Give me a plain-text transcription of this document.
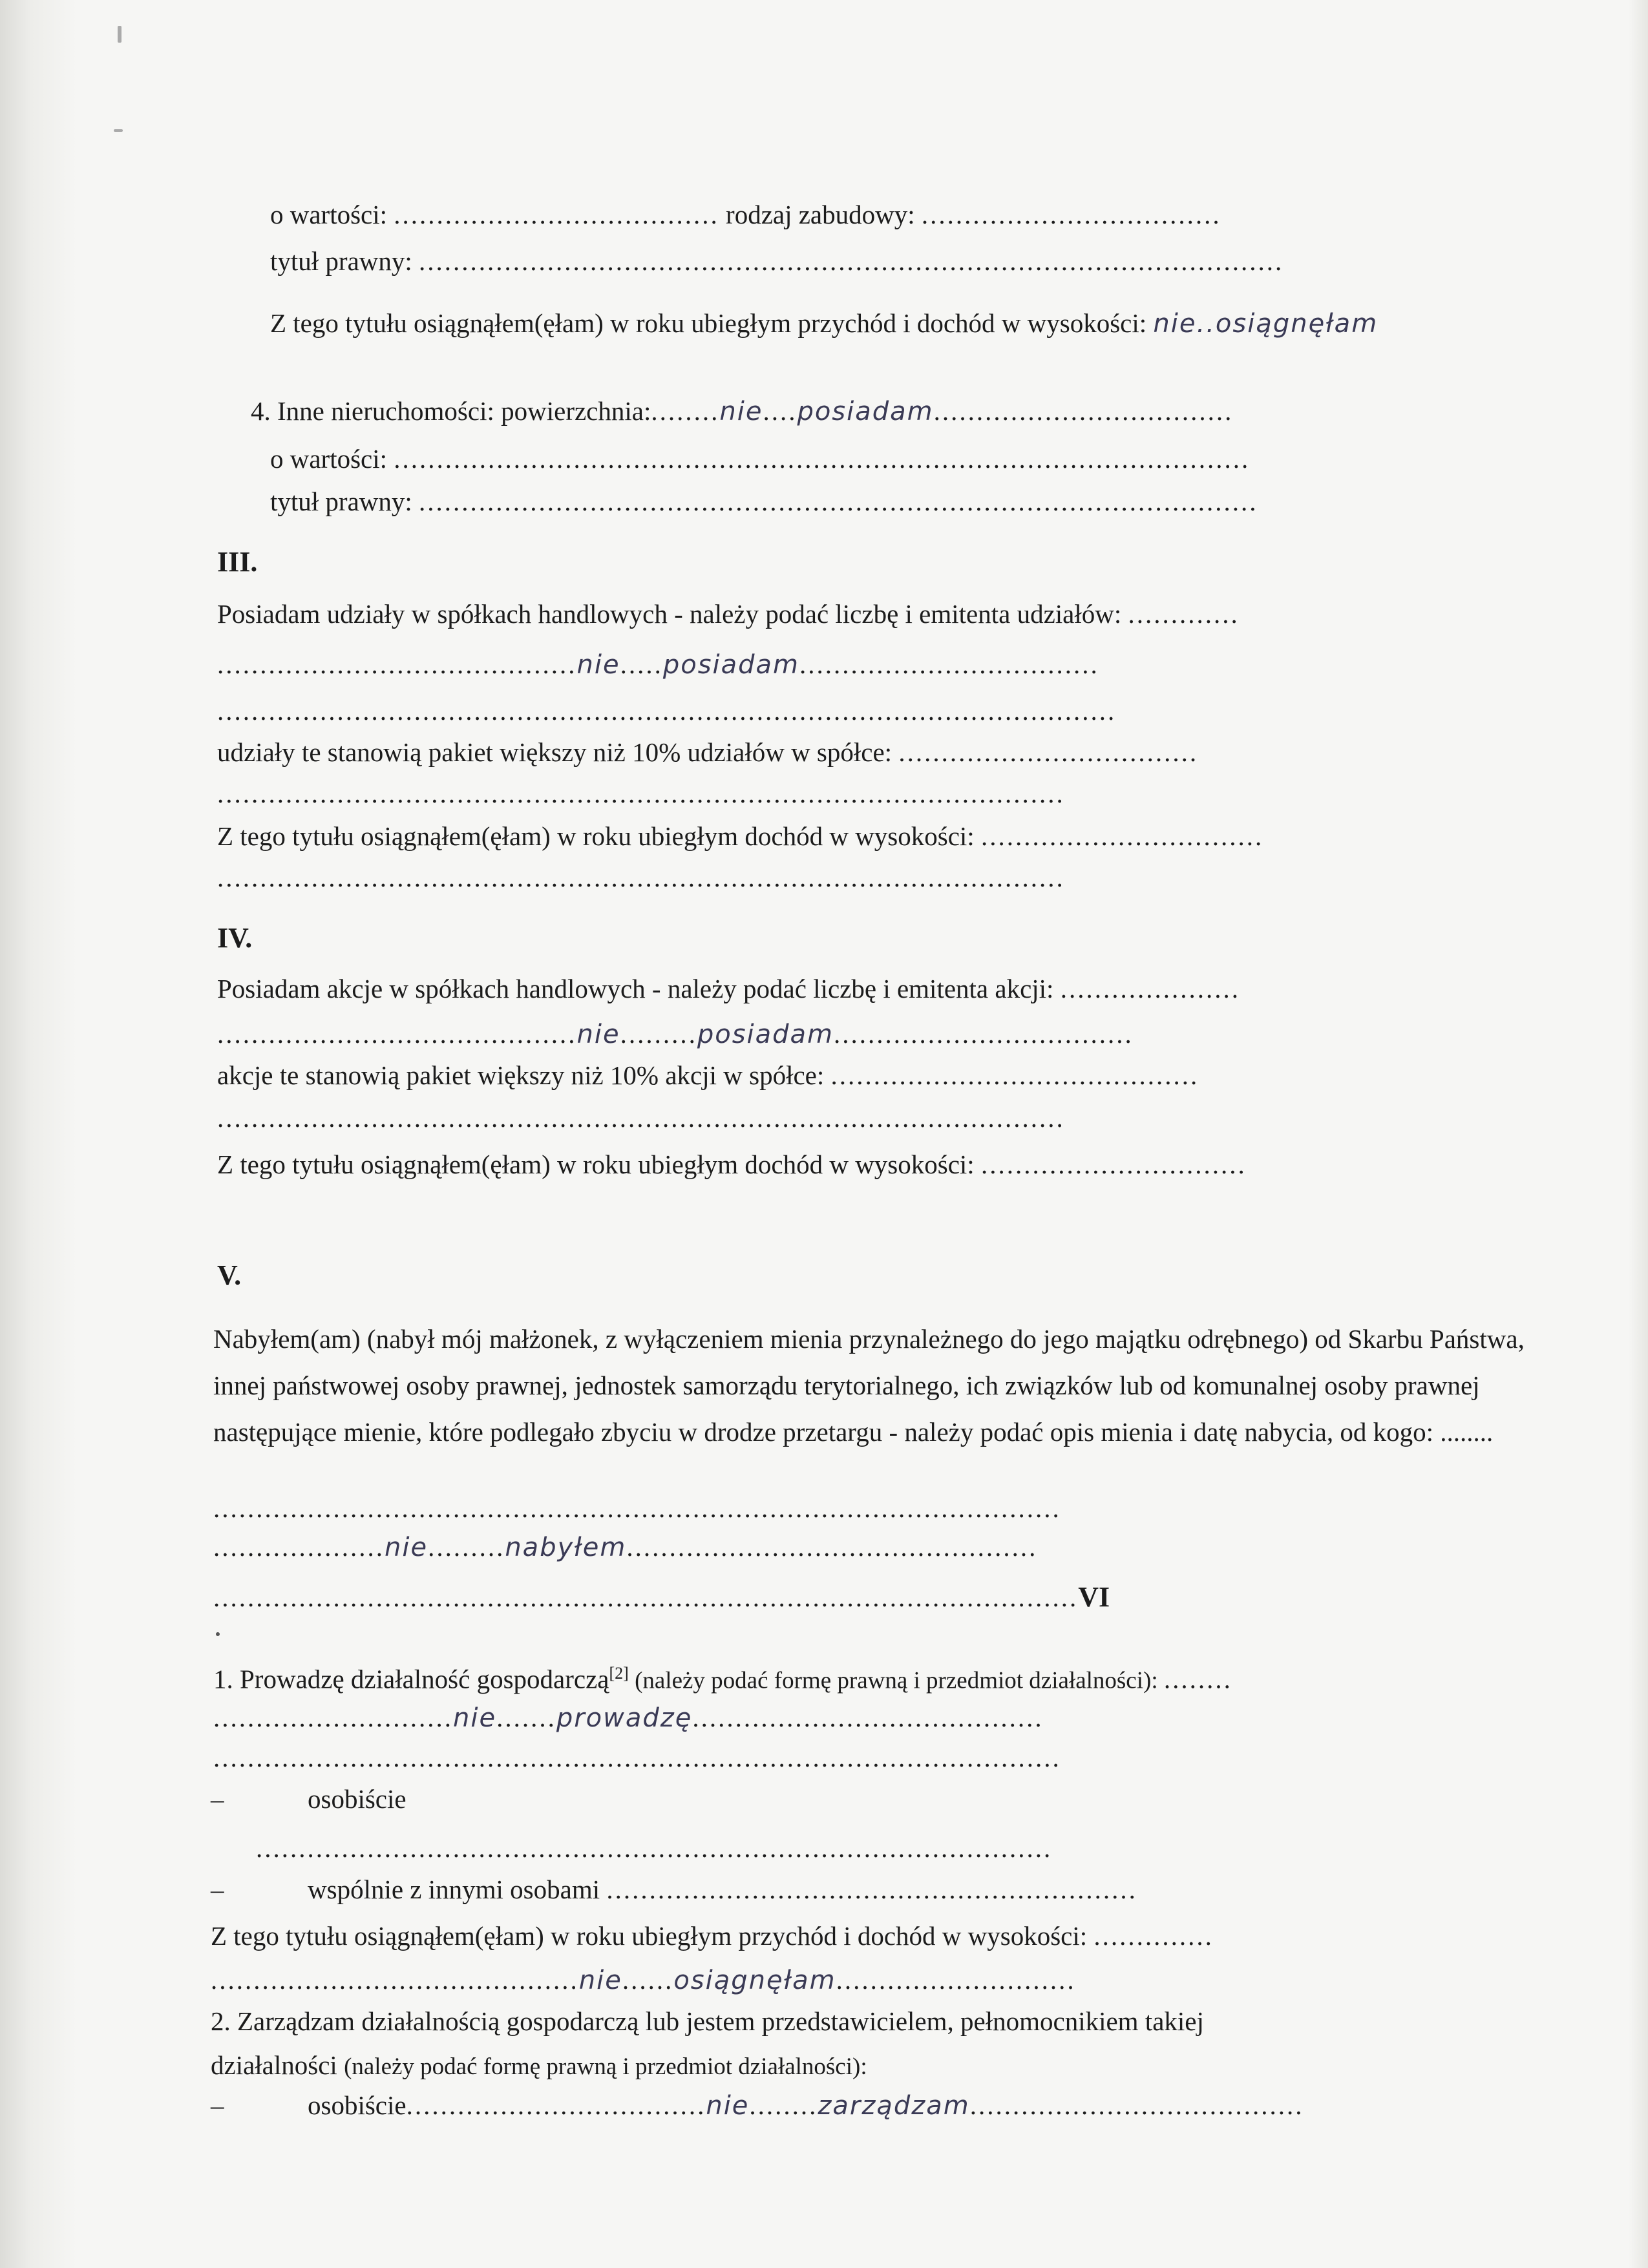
o wartości: ...................................... rodzaj zabudowy: ...................................
tytuł prawny: .....................................................................................................
Z tego tytułu osiągnąłem(ęłam) w roku ubiegłym przychód i dochód w wysokości: nie..osiągnęłam
4. Inne nieruchomości: powierzchnia:........nie....posiadam...................................
o wartości: ....................................................................................................
tytuł prawny: ..................................................................................................
III.
Posiadam udziały w spółkach handlowych - należy podać liczbę i emitenta udziałów: .............
..........................................nie.....posiadam...................................
.........................................................................................................
udziały te stanowią pakiet większy niż 10% udziałów w spółce: ...................................
...................................................................................................
Z tego tytułu osiągnąłem(ęłam) w roku ubiegłym dochód w wysokości: .................................
...................................................................................................
IV.
Posiadam akcje w spółkach handlowych - należy podać liczbę i emitenta akcji: .....................
..........................................nie.........posiadam...................................
akcje te stanowią pakiet większy niż 10% akcji w spółce: ...........................................
...................................................................................................
Z tego tytułu osiągnąłem(ęłam) w roku ubiegłym dochód w wysokości: ...............................
V.
Nabyłem(am) (nabył mój małżonek, z wyłączeniem mienia przynależnego do jego majątku odrębnego) od Skarbu Państwa, innej państwowej osoby prawnej, jednostek samorządu terytorialnego, ich związków lub od komunalnej osoby prawnej następujące mienie, które podlegało zbyciu w drodze przetargu - należy podać opis mienia i datę nabycia, od kogo: ........
...................................................................................................
....................nie.........nabyłem................................................
.....................................................................................................VI
1. Prowadzę działalność gospodarczą[2] (należy podać formę prawną i przedmiot działalności): ........
............................nie.......prowadzę.........................................
...................................................................................................
–	osobiście
.............................................................................................
–	wspólnie z innymi osobami ..............................................................
Z tego tytułu osiągnąłem(ęłam) w roku ubiegłym przychód i dochód w wysokości: ..............
...........................................nie......osiągnęłam............................
2. Zarządzam działalnością gospodarczą lub jestem przedstawicielem, pełnomocnikiem takiej
działalności (należy podać formę prawną i przedmiot działalności):
–	osobiście...................................nie........zarządzam.......................................
